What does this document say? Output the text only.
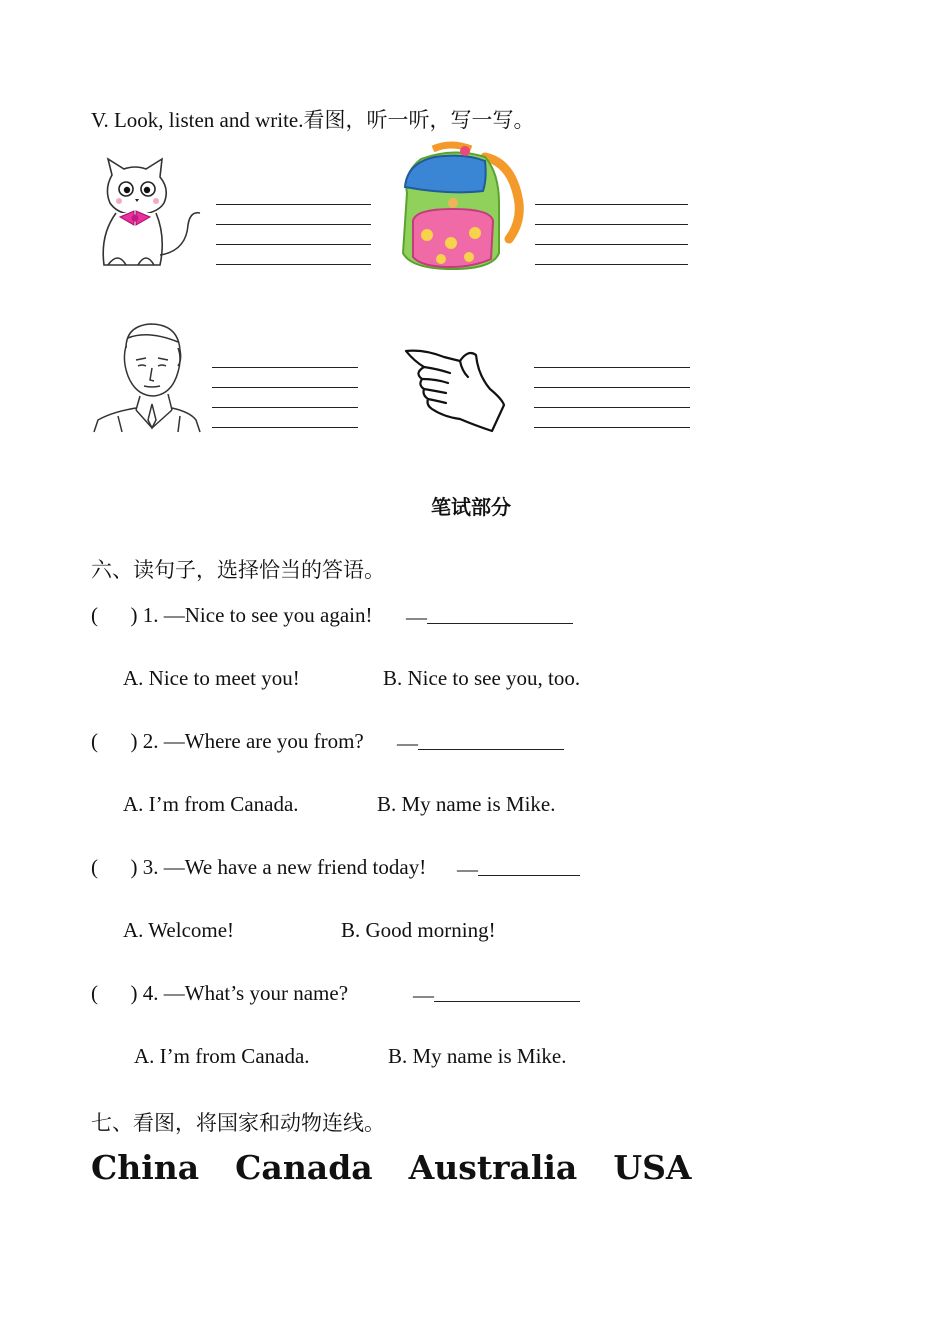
V. Look, listen and write.看图，听一听，写一写。
笔试部分
六、读句子，选择恰当的答语。
( ) 1. —Nice to see you again! —
A. Nice to meet you!	B. Nice to see you, too.
( ) 2. —Where are you from? —
A. I’m from Canada.	B. My name is Mike.
( ) 3. —We have a new friend today! —
A. Welcome!	B. Good morning!
( ) 4. —What’s your name?	—
A. I’m from Canada.	B. My name is Mike.
七、看图，将国家和动物连线。
China Canada Australia USA
